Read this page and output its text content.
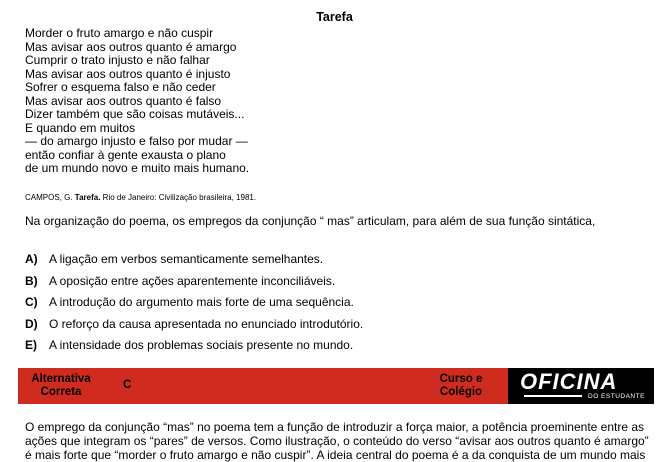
Tarefa
Morder o fruto amargo e não cuspir
Mas avisar aos outros quanto é amargo
Cumprir o trato injusto e não falhar
Mas avisar aos outros quanto é injusto
Sofrer o esquema falso e não ceder
Mas avisar aos outros quanto é falso
Dizer também que são coisas mutáveis...
E quando em muitos
— do amargo injusto e falso por mudar —
então confiar à gente exausta o plano
de um mundo novo e muito mais humano.
CAMPOS, G. Tarefa. Rio de Janeiro: Civilização brasileira, 1981.
Na organização do poema, os empregos da conjunção “ mas” articulam, para além de sua função sintática,
A) A ligação em verbos semanticamente semelhantes.
B) A oposição entre ações aparentemente inconciliáveis.
C) A introdução do argumento mais forte de uma sequência.
D) O reforço da causa apresentada no enunciado introdutório.
E) A intensidade dos problemas sociais presente no mundo.
Alternativa
Correta
C	Curso e
Colégio	OFICINA
DO ESTUDANTE
O emprego da conjunção “mas” no poema tem a função de introduzir a força maior, a potência proeminente entre as
ações que integram os “pares” de versos. Como ilustração, o conteúdo do verso “avisar aos outros quanto é amargo”
é mais forte que “morder o fruto amargo e não cuspir”. A ideia central do poema é a da conquista de um mundo mais
